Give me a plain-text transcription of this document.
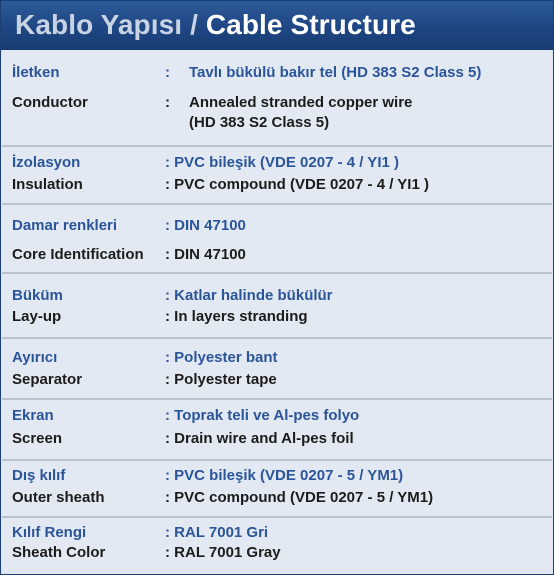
Kablo Yapısı / Cable Structure
İletken	: Tavlı bükülü bakır tel (HD 383 S2 Class 5)
Conductor	: Annealed stranded copper wire
(HD 383 S2 Class 5)
İzolasyon	: PVC bileşik (VDE 0207 - 4 / YI1 )
Insulation	: PVC compound (VDE 0207 - 4 / YI1 )
Damar renkleri	: DIN 47100
Core Identification : DIN 47100
Büküm	: Katlar halinde bükülür
Lay-up	: In layers stranding
Ayırıcı	: Polyester bant
Separator	: Polyester tape
Ekran	: Toprak teli ve Al-pes folyo
Screen	: Drain wire and Al-pes foil
Dış kılıf	: PVC bileşik (VDE 0207 - 5 / YM1)
Outer sheath	: PVC compound (VDE 0207 - 5 / YM1)
Kılıf Rengi	: RAL 7001 Gri
Sheath Color	: RAL 7001 Gray
